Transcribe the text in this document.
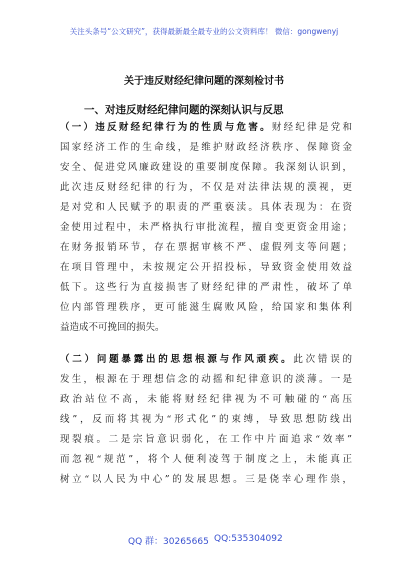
关注头条号“公文研究”，获得最新最全最专业的公文资料库！ 微信：gongwenyj
关于违反财经纪律问题的深刻检讨书
一、对违反财经纪律问题的深刻认识与反思
（一）违反财经纪律行为的性质与危害。财经纪律是党和
国家经济工作的生命线，是维护财政经济秩序、保障资金
安全、促进党风廉政建设的重要制度保障。我深刻认识到，
此次违反财经纪律的行为，不仅是对法律法规的漠视，更
是对党和人民赋予的职责的严重亵渎。具体表现为：在资
金使用过程中，未严格执行审批流程，擅自变更资金用途；
在财务报销环节，存在票据审核不严、虚假列支等问题；
在项目管理中，未按规定公开招投标，导致资金使用效益
低下。这些行为直接损害了财经纪律的严肃性，破坏了单
位内部管理秩序，更可能滋生腐败风险，给国家和集体利
益造成不可挽回的损失。
（二）问题暴露出的思想根源与作风顽疾。此次错误的
发生，根源在于理想信念的动摇和纪律意识的淡薄。一是
政治站位不高，未能将财经纪律视为不可触碰的“高压
线”，反而将其视为“形式化”的束缚，导致思想防线出
现裂痕。二是宗旨意识弱化，在工作中片面追求“效率”
而忽视“规范”，将个人便利凌驾于制度之上，未能真正
树立“以人民为中心”的发展思想。三是侥幸心理作祟，
QQ 群：30265665 QQ:535304092
